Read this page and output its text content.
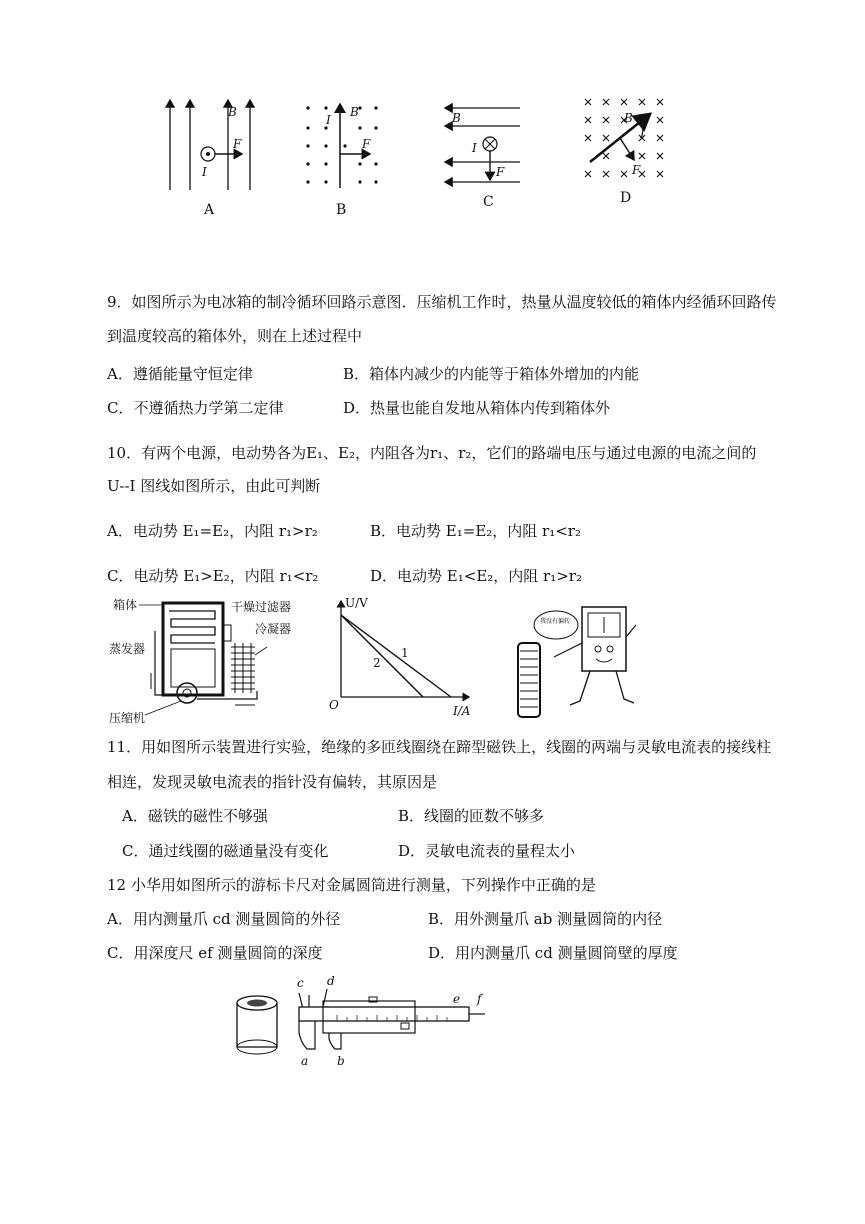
B
F
I
A
I
B
F
B
B
I
F
C
B
I
F
D
9．如图所示为电冰箱的制冷循环回路示意图．压缩机工作时，热量从温度较低的箱体内经循环回路传
到温度较高的箱体外，则在上述过程中
A．遵循能量守恒定律	B．箱体内减少的内能等于箱体外增加的内能
C．不遵循热力学第二定律	D．热量也能自发地从箱体内传到箱体外
10．有两个电源，电动势各为E₁、E₂，内阻各为r₁、r₂，它们的路端电压与通过电源的电流之间的
U--I 图线如图所示，由此可判断
A．电动势 E₁=E₂，内阻 r₁>r₂	B．电动势 E₁=E₂，内阻 r₁<r₂
C．电动势 E₁>E₂，内阻 r₁<r₂	D．电动势 E₁<E₂，内阻 r₁>r₂
箱体	干燥过滤器
冷凝器
蒸发器
压缩机
U/V
I/A
O
1
2
我没有偏转
11．用如图所示装置进行实验，绝缘的多匝线圈绕在蹄型磁铁上，线圈的两端与灵敏电流表的接线柱
相连，发现灵敏电流表的指针没有偏转，其原因是
A．磁铁的磁性不够强	B．线圈的匝数不够多
C．通过线圈的磁通量没有变化	D．灵敏电流表的量程太小
12 小华用如图所示的游标卡尺对金属圆筒进行测量，下列操作中正确的是
A．用内测量爪 cd 测量圆筒的外径	B．用外测量爪 ab 测量圆筒的内径
C．用深度尺 ef 测量圆筒的深度	D．用内测量爪 cd 测量圆筒壁的厚度
c d
e f
a b
